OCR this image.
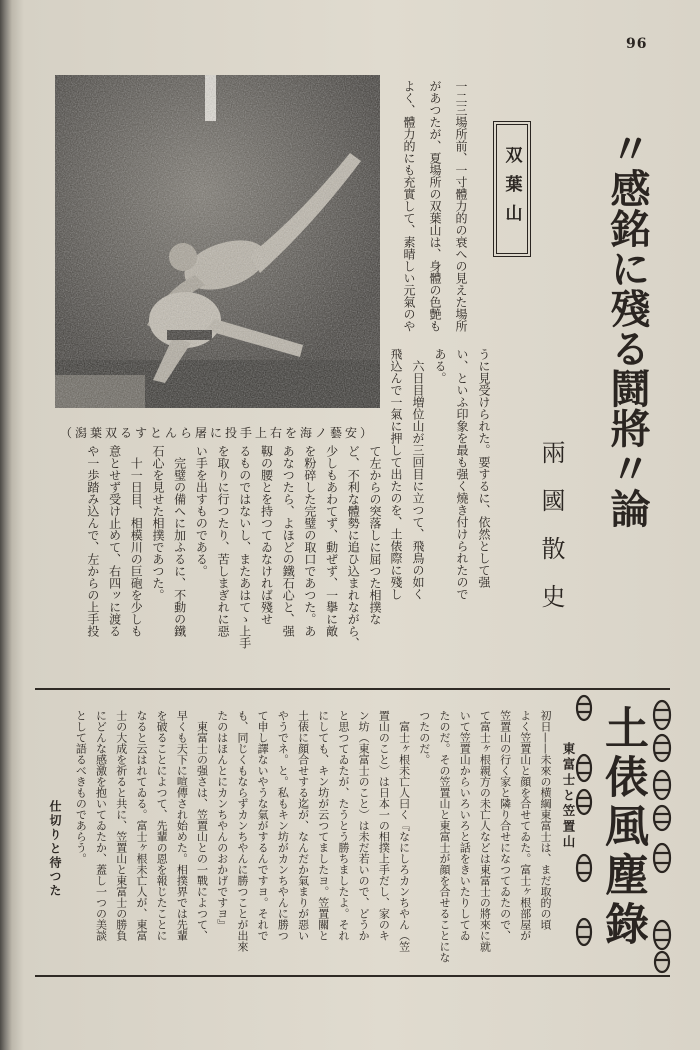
96
（潟葉双るすとんら屠に投手上右を海ノ藝安）
双葉山 〃感銘に殘る鬪將〃論
兩國散史
一二三場所前、一寸體力的の衰への見えた場所
があつたが、夏場所の双葉山は、身體の色艶も
よく、體力的にも充實して、素晴しい元氣のや
うに見受けられた。要するに、依然として强
い、といふ印象を最も强く燒き付けられたので
ある。
六日目増位山が三回目に立つて、飛鳥の如く
飛込んで一氣に押して出たのを、土俵際に殘し
て左からの突落しに屈つた相撲な
ど、不利な體勢に追ひ込まれながら、
少しもあわてず、動ぜず、一擧に敵
を粉碎した完璧の取口であつた。あ
あなつたら、よほどの鐵石心と、强
靱の腰とを持つてゐなければ殘せ
るものではないし、またあはてゝ上手
を取りに行つたり、苦しまぎれに惡
い手を出すものである。
完璧の備へに加ふるに、不動の鐵
石心を見せた相撲であつた。
十一日目、相模川の巨砲を少しも
意とせず受け止めて、右四ッに渡る
や一歩踏み込んで、左からの上手投
土俵風塵錄
東富士と笠置山
初日——未來の横綱東富士は、まだ取的の頃
よく笠置山と顔を合せてゐた。富士ヶ根部屋が
笠置山の行く家と隣り合せになつてゐたので、
て富士ヶ根親方の未亡人などは東富士の將來に就
いて笠置山からいろいろと話をきいたりしてゐ
たのだ。その笠置山と東富士が顔を合せることにな
つたのだ。
富士ヶ根未亡人曰く『なにしろカンちやん（笠
置山のこと）は日本一の相撲上手だし、家のキ
ン坊（東富士のこと）は未だ若いので、どうか
と思つてゐたが、たうとう勝ちましたよ。それ
にしても、キン坊が云つてましたヨ。笠置關と
土俵に顔合せする迄が、なんだか氣まりが惡い
やうでネ。と。私もキン坊がカンちやんに勝つ
て申し譯ないやうな氣がするんですヨ。それで
も、同じくもならずカンちやんに勝つことが出來
たのはほんとにカンちやんのおかげですヨ』
東富士の强さは、笠置山との一戰によつて、
早くも天下に喧傳され始めた。相撲界では先輩
を破ることによつて、先輩の恩を報じたことに
なると云はれてゐる。富士ヶ根未亡人が、東富
士の大成を祈ると共に、笠置山と東富士の勝負
にどんな感激を抱いてゐたか、蓋し一つの美談
として語るべきものであらう。
仕切りと待つた
